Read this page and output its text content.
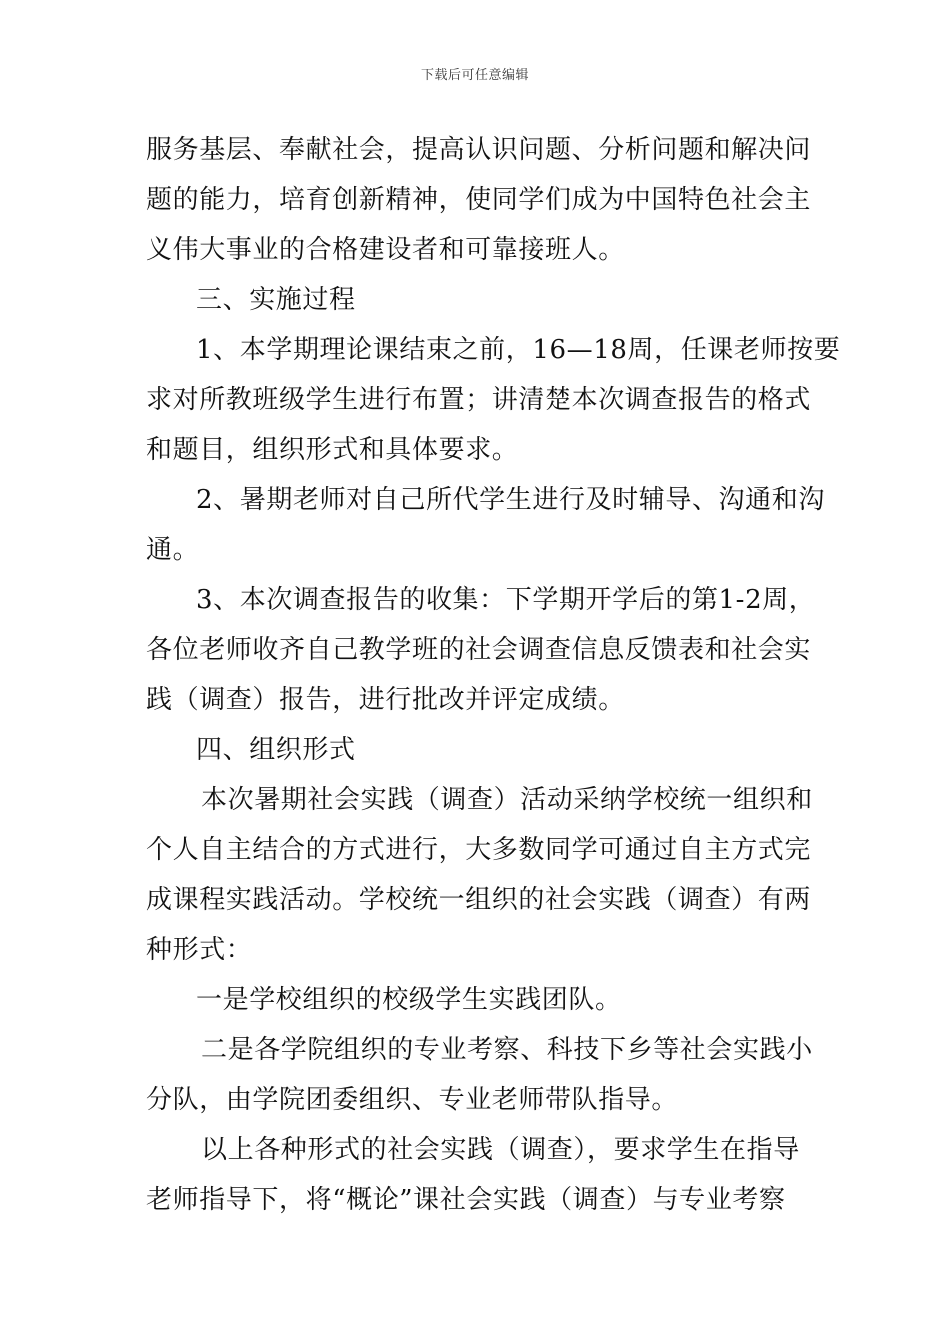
下载后可任意编辑
服务基层、奉献社会，提高认识问题、分析问题和解决问
题的能力，培育创新精神，使同学们成为中国特色社会主
义伟大事业的合格建设者和可靠接班人。
三、实施过程
1、本学期理论课结束之前，16—18周，任课老师按要
求对所教班级学生进行布置；讲清楚本次调查报告的格式
和题目，组织形式和具体要求。
2、暑期老师对自己所代学生进行及时辅导、沟通和沟
通。
3、本次调查报告的收集：下学期开学后的第1-2周，
各位老师收齐自己教学班的社会调查信息反馈表和社会实
践（调查）报告，进行批改并评定成绩。
四、组织形式
本次暑期社会实践（调查）活动采纳学校统一组织和
个人自主结合的方式进行，大多数同学可通过自主方式完
成课程实践活动。学校统一组织的社会实践（调查）有两
种形式：
一是学校组织的校级学生实践团队。
二是各学院组织的专业考察、科技下乡等社会实践小
分队，由学院团委组织、专业老师带队指导。
以上各种形式的社会实践（调查），要求学生在指导
老师指导下，将“概论”课社会实践（调查）与专业考察
